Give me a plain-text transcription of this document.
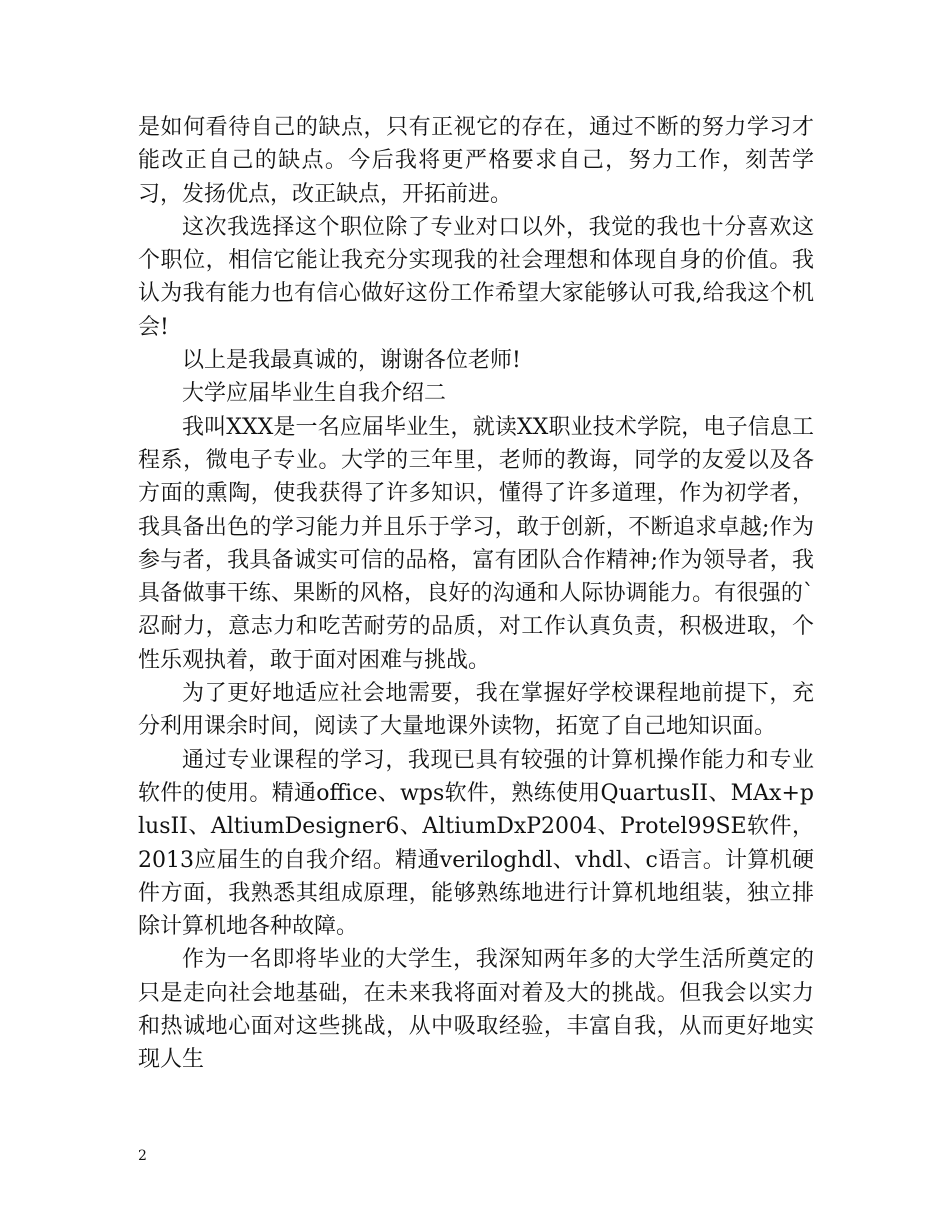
是如何看待自己的缺点，只有正视它的存在，通过不断的努力学习才能改正自己的缺点。今后我将更严格要求自己，努力工作，刻苦学习，发扬优点，改正缺点，开拓前进。

这次我选择这个职位除了专业对口以外，我觉的我也十分喜欢这个职位，相信它能让我充分实现我的社会理想和体现自身的价值。我认为我有能力也有信心做好这份工作希望大家能够认可我,给我这个机会!

以上是我最真诚的，谢谢各位老师!

大学应届毕业生自我介绍二

我叫XXX是一名应届毕业生，就读XX职业技术学院，电子信息工程系，微电子专业。大学的三年里，老师的教诲，同学的友爱以及各方面的熏陶，使我获得了许多知识，懂得了许多道理，作为初学者，我具备出色的学习能力并且乐于学习，敢于创新，不断追求卓越;作为参与者，我具备诚实可信的品格，富有团队合作精神;作为领导者，我具备做事干练、果断的风格，良好的沟通和人际协调能力。有很强的`忍耐力，意志力和吃苦耐劳的品质，对工作认真负责，积极进取，个性乐观执着，敢于面对困难与挑战。

为了更好地适应社会地需要，我在掌握好学校课程地前提下，充分利用课余时间，阅读了大量地课外读物，拓宽了自己地知识面。

通过专业课程的学习，我现已具有较强的计算机操作能力和专业软件的使用。精通office、wps软件，熟练使用QuartusII、MAx+plusII、AltiumDesigner6、AltiumDxP2004、Protel99SE软件，2013应届生的自我介绍。精通veriloghdl、vhdl、c语言。计算机硬件方面，我熟悉其组成原理，能够熟练地进行计算机地组装，独立排除计算机地各种故障。

作为一名即将毕业的大学生，我深知两年多的大学生活所奠定的只是走向社会地基础，在未来我将面对着及大的挑战。但我会以实力和热诚地心面对这些挑战，从中吸取经验，丰富自我，从而更好地实现人生

2
